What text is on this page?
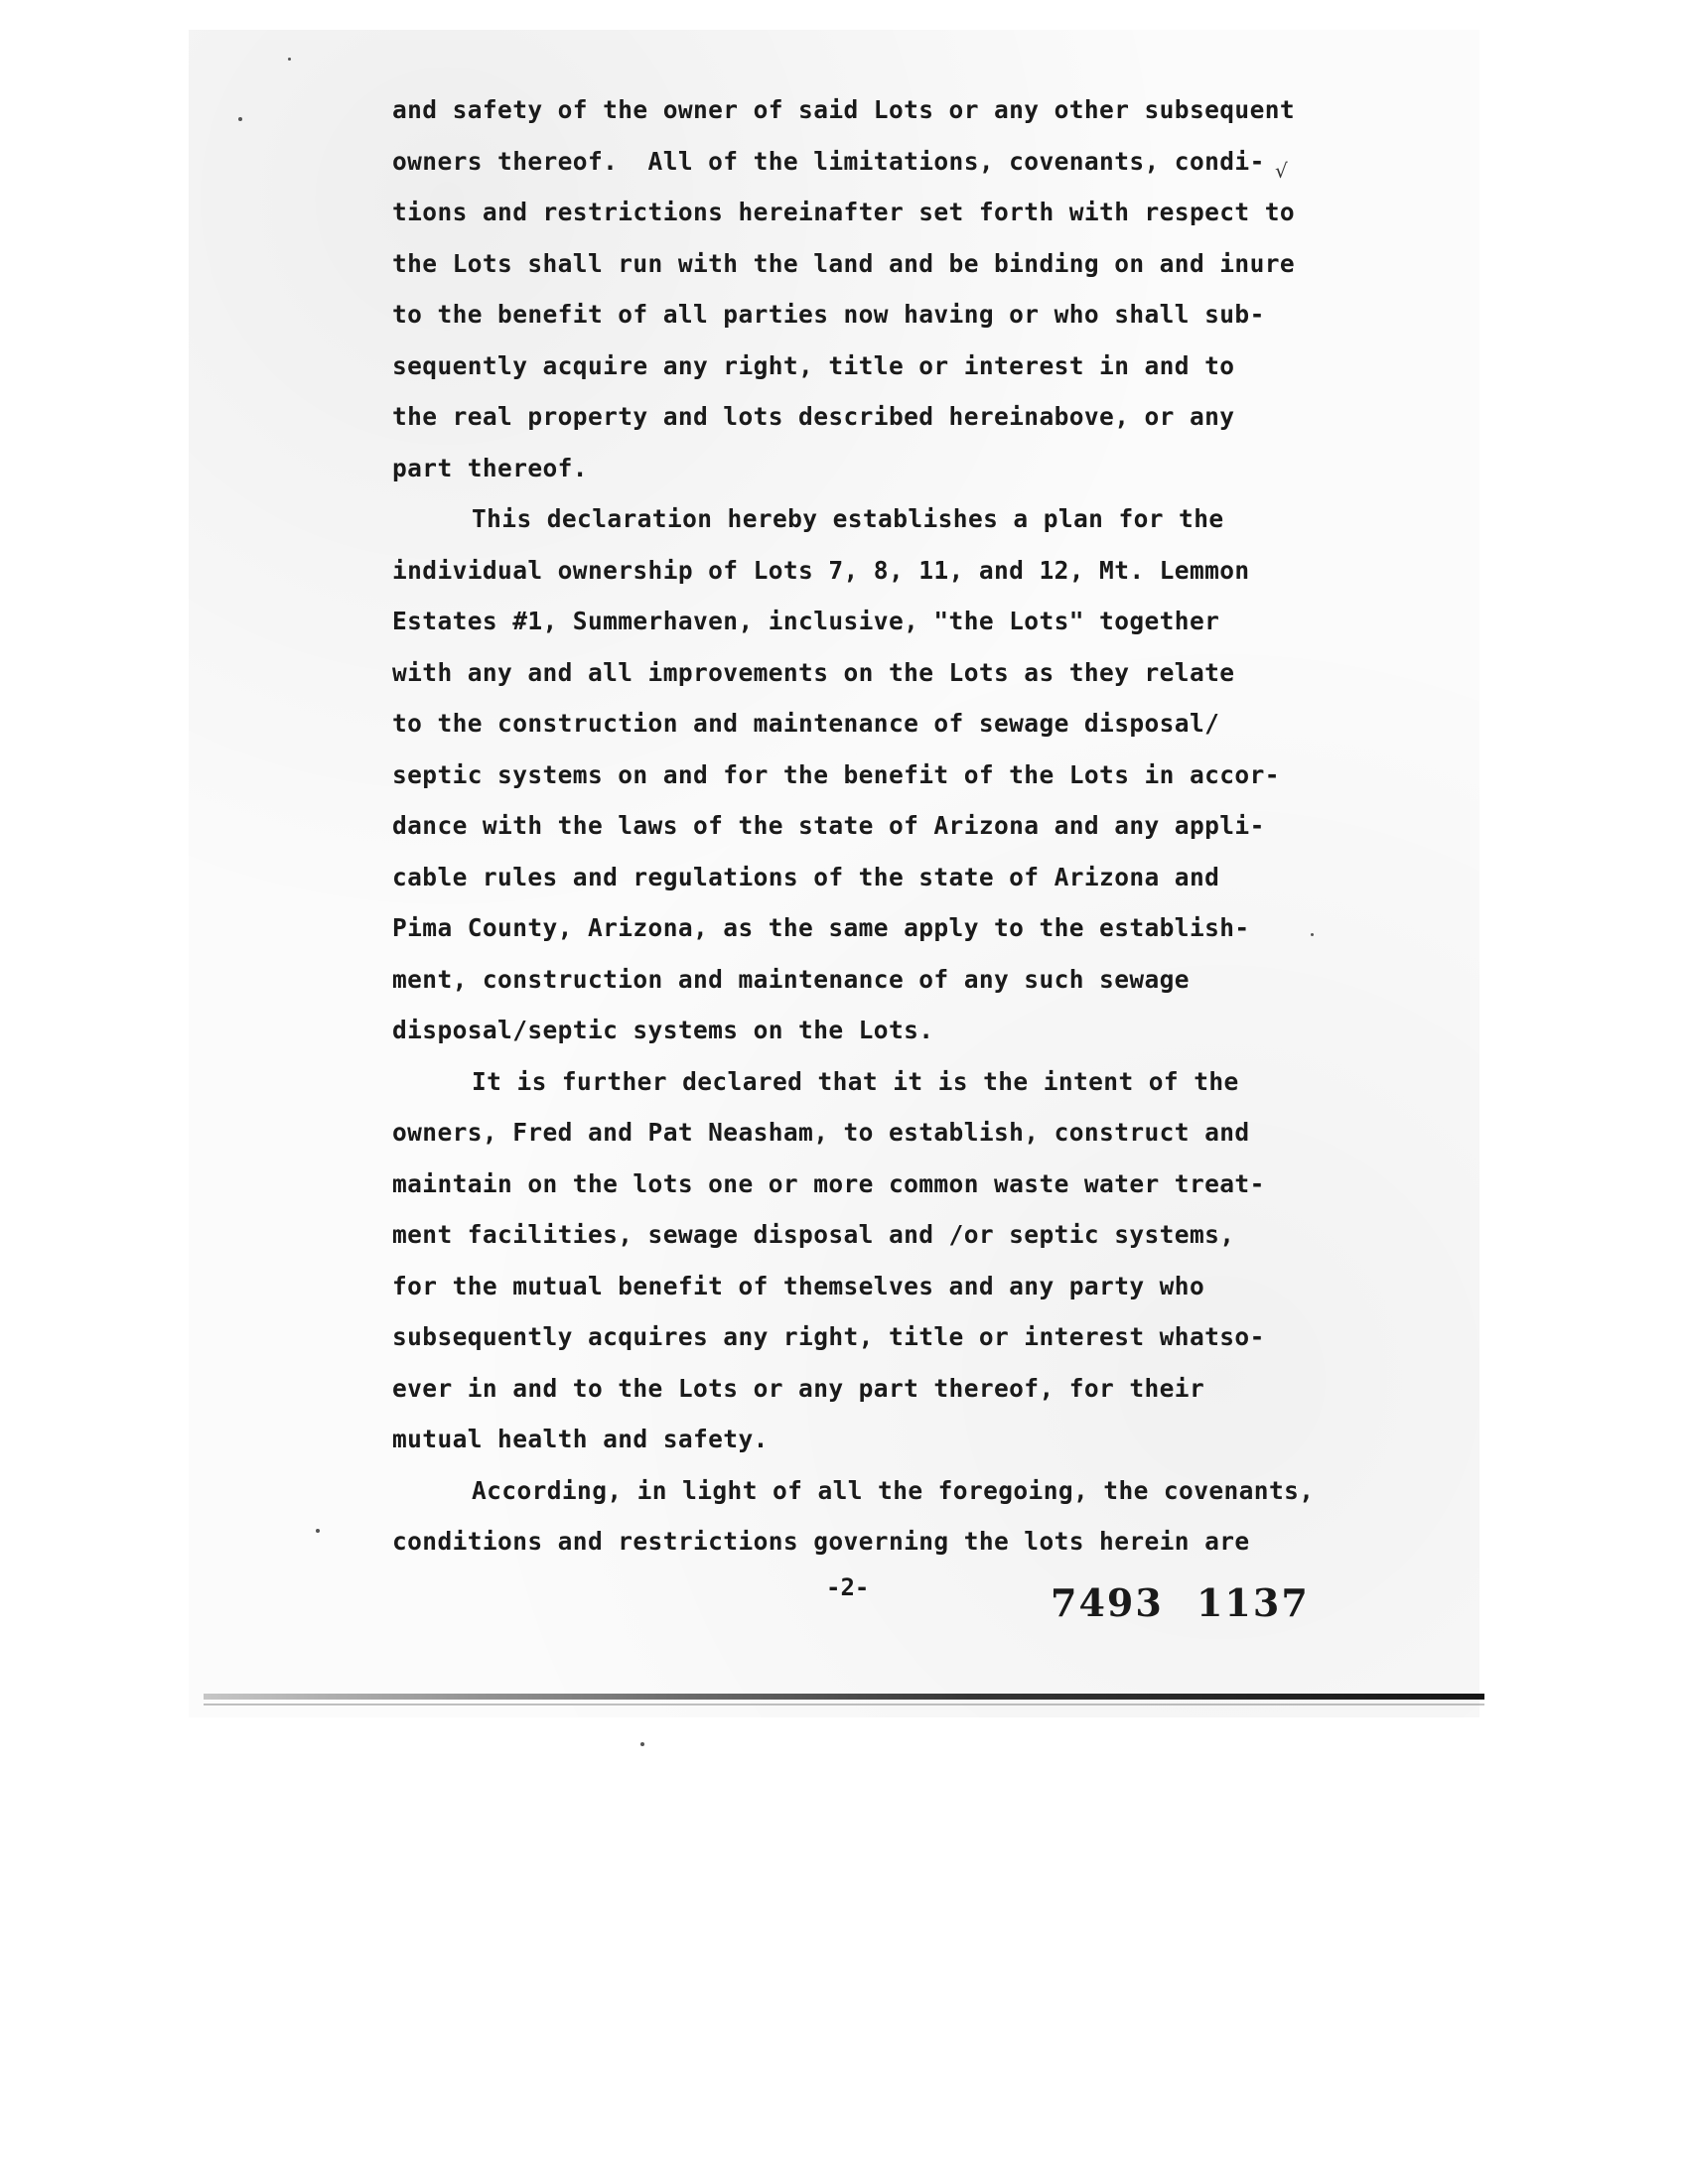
√
and safety of the owner of said Lots or any other subsequent
owners thereof.  All of the limitations, covenants, condi-
tions and restrictions hereinafter set forth with respect to
the Lots shall run with the land and be binding on and inure
to the benefit of all parties now having or who shall sub-
sequently acquire any right, title or interest in and to
the real property and lots described hereinabove, or any
part thereof.
This declaration hereby establishes a plan for the
individual ownership of Lots 7, 8, 11, and 12, Mt. Lemmon
Estates #1, Summerhaven, inclusive, "the Lots" together
with any and all improvements on the Lots as they relate
to the construction and maintenance of sewage disposal/
septic systems on and for the benefit of the Lots in accor-
dance with the laws of the state of Arizona and any appli-
cable rules and regulations of the state of Arizona and
Pima County, Arizona, as the same apply to the establish-
ment, construction and maintenance of any such sewage
disposal/septic systems on the Lots.
It is further declared that it is the intent of the
owners, Fred and Pat Neasham, to establish, construct and
maintain on the lots one or more common waste water treat-
ment facilities, sewage disposal and /or septic systems,
for the mutual benefit of themselves and any party who
subsequently acquires any right, title or interest whatso-
ever in and to the Lots or any part thereof, for their
mutual health and safety.
According, in light of all the foregoing, the covenants,
conditions and restrictions governing the lots herein are
-2-	7493 1137
